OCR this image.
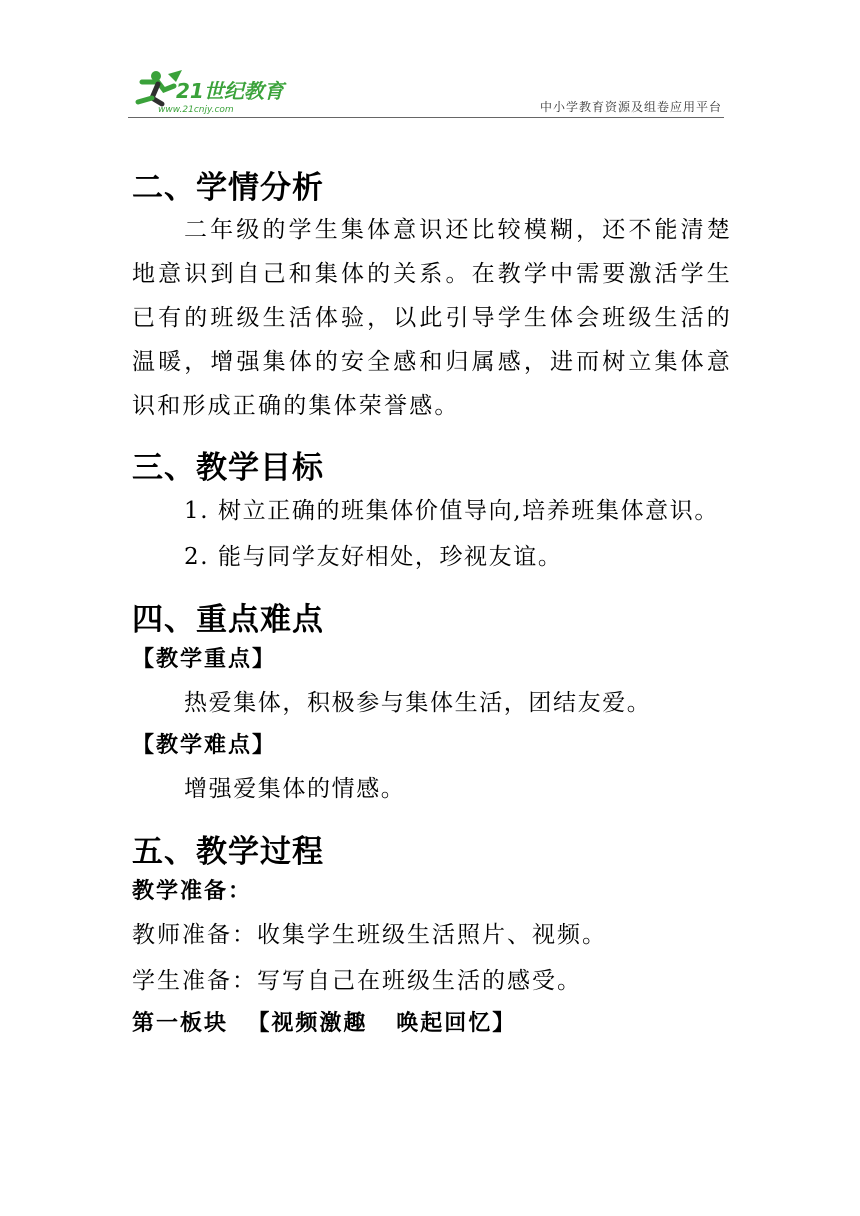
21世纪教育
www.21cnjy.com	中小学教育资源及组卷应用平台
二、学情分析

二年级的学生集体意识还比较模糊，还不能清楚地意识到自己和集体的关系。在教学中需要激活学生已有的班级生活体验，以此引导学生体会班级生活的温暖，增强集体的安全感和归属感，进而树立集体意识和形成正确的集体荣誉感。

三、教学目标

1. 树立正确的班集体价值导向,培养班集体意识。

2. 能与同学友好相处，珍视友谊。

四、重点难点

【教学重点】

热爱集体，积极参与集体生活，团结友爱。

【教学难点】

增强爱集体的情感。

五、教学过程

教学准备：

教师准备：收集学生班级生活照片、视频。

学生准备：写写自己在班级生活的感受。

第一板块  【视频激趣   唤起回忆】
